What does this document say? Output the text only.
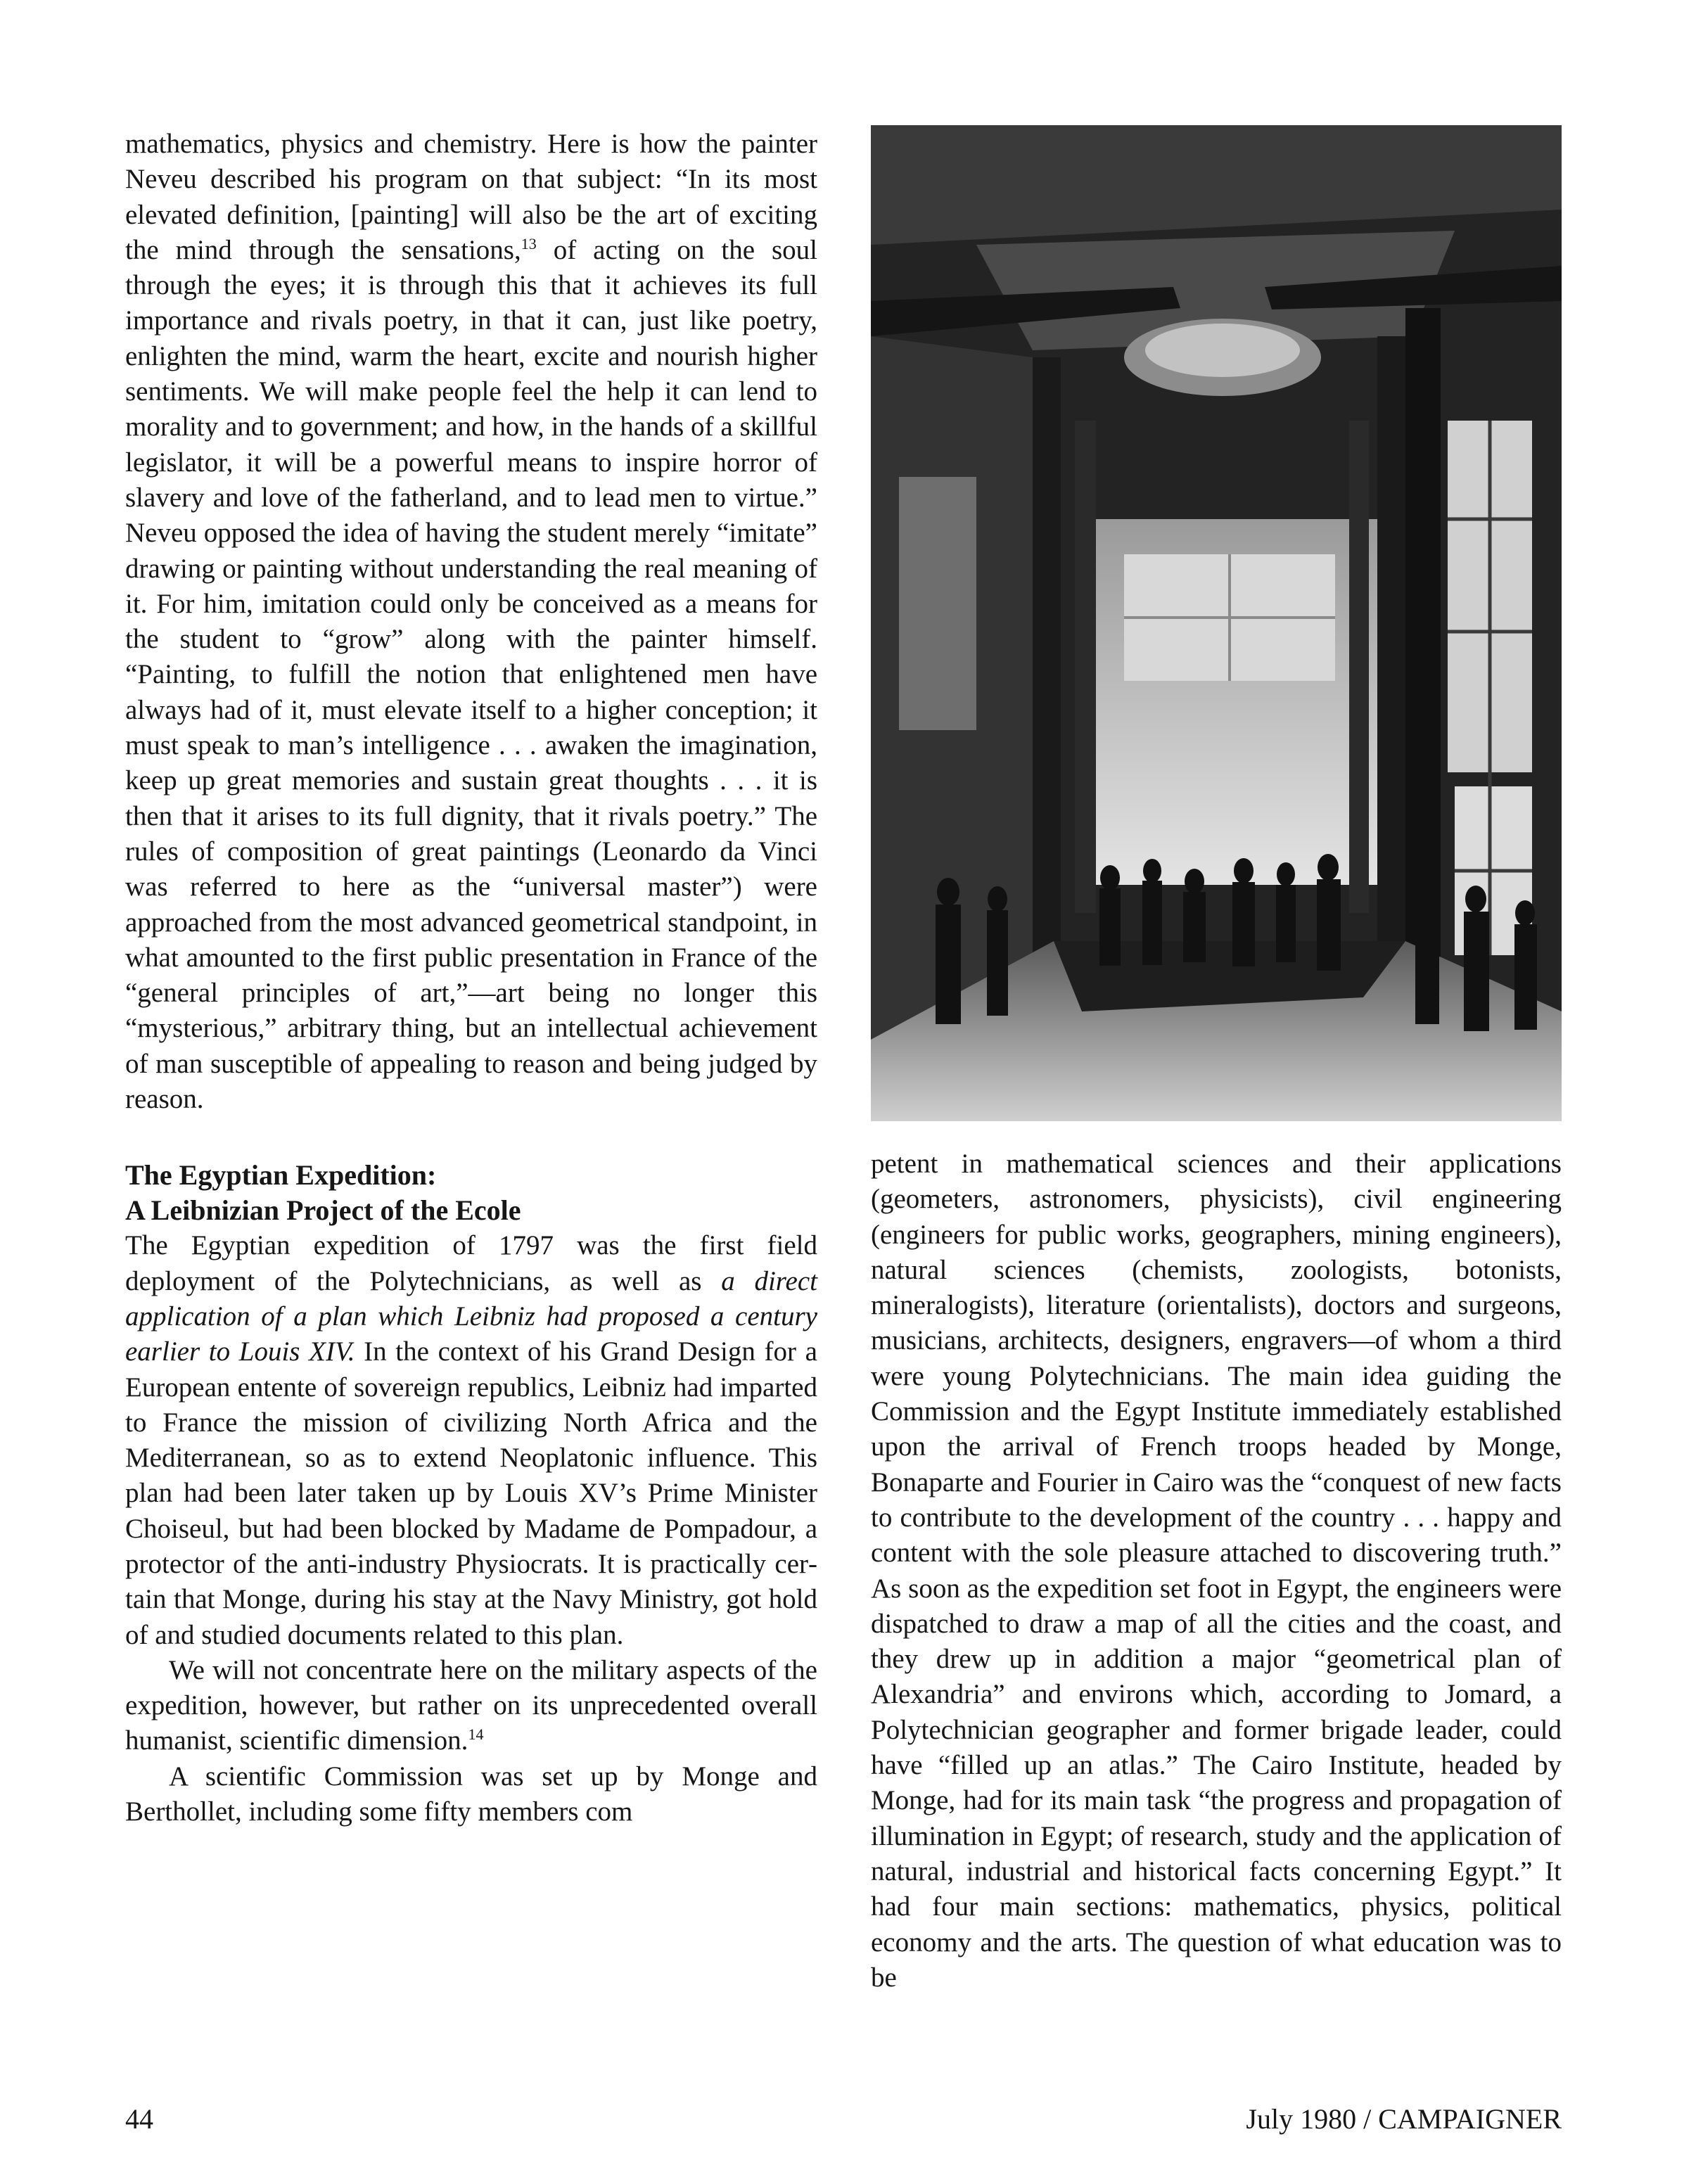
mathematics, physics and chemistry. Here is how the painter Neveu described his program on that subject: “In its most elevated definition, [painting] will also be the art of exciting the mind through the sensations,$^{13}$ of acting on the soul through the eyes; it is through this that it achieves its full importance and rivals poetry, in that it can, just like poetry, enlighten the mind, warm the heart, excite and nourish higher sentiments. We will make people feel the help it can lend to morality and to government; and how, in the hands of a skillful legislator, it will be a powerful means to inspire horror of slavery and love of the fatherland, and to lead men to virtue.” Neveu opposed the idea of having the student merely “imitate” drawing or painting without understanding the real meaning of it. For him, imitation could only be conceived as a means for the student to “grow” along with the painter himself. “Painting, to fulfill the notion that enlightened men have always had of it, must elevate itself to a higher conception; it must speak to man’s intelligence . . . awaken the imagination, keep up great memories and sustain great thoughts . . . it is then that it arises to its full dignity, that it rivals poetry.” The rules of composition of great paintings (Leonardo da Vinci was referred to here as the “universal master”) were approached from the most advanced geometrical standpoint, in what amounted to the first public presentation in France of the “general principles of art,”—art being no longer this “mysterious,” arbitrary thing, but an intellectual achievement of man susceptible of appealing to reason and being judged by reason.

The Egyptian Expedition:
A Leibnizian Project of the Ecole

The Egyptian expedition of 1797 was the first field deployment of the Polytechnicians, as well as a direct application of a plan which Leibniz had proposed a century earlier to Louis XIV. In the context of his Grand Design for a European entente of sovereign republics, Leibniz had imparted to France the mission of civilizing North Africa and the Mediterranean, so as to extend Neoplatonic influence. This plan had been later taken up by Louis XV’s Prime Minister Choiseul, but had been blocked by Madame de Pompadour, a protector of the anti-industry Physiocrats. It is practically certain that Monge, during his stay at the Navy Ministry, got hold of and studied documents related to this plan.

We will not concentrate here on the military aspects of the expedition, however, but rather on its unprecedented overall humanist, scientific dimension.$^{14}$

A scientific Commission was set up by Monge and Berthollet, including some fifty members com

petent in mathematical sciences and their applications (geometers, astronomers, physicists), civil engineering (engineers for public works, geographers, mining engineers), natural sciences (chemists, zoologists, botonists, mineralogists), literature (orientalists), doctors and surgeons, musicians, architects, designers, engravers—of whom a third were young Polytechnicians. The main idea guiding the Commission and the Egypt Institute immediately established upon the arrival of French troops headed by Monge, Bonaparte and Fourier in Cairo was the “conquest of new facts to contribute to the development of the country . . . happy and content with the sole pleasure attached to discovering truth.” As soon as the expedition set foot in Egypt, the engineers were dispatched to draw a map of all the cities and the coast, and they drew up in addition a major “geometrical plan of Alexandria” and environs which, according to Jomard, a Polytechnician geographer and former brigade leader, could have “filled up an atlas.” The Cairo Institute, headed by Monge, had for its main task “the progress and propagation of illumination in Egypt; of research, study and the application of natural, industrial and historical facts concerning Egypt.” It had four main sections: mathematics, physics, political economy and the arts. The question of what education was to be

44	July 1980 / CAMPAIGNER
